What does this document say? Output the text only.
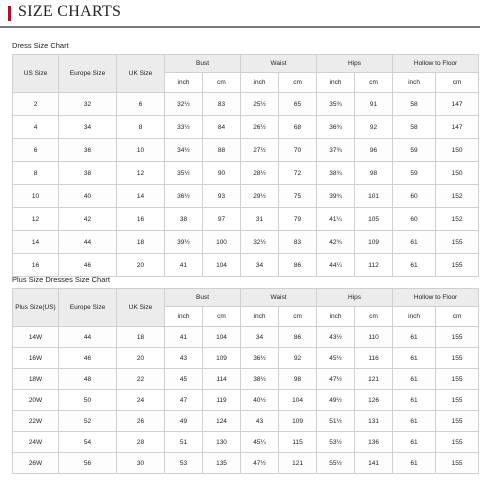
SIZE CHARTS
Dress Size Chart
US Size	Europe Size	UK Size	Bust		Waist		Hips		Hollow to Floor	
			inch	cm	inch	cm	inch	cm	inch	cm
2	32	6	32½	83	25½	65	35¾	91	58	147
4	34	8	33½	84	26½	68	36¾	92	58	147
6	36	10	34½	88	27½	70	37¾	96	59	150
8	38	12	35½	90	28½	72	38¾	98	59	150
10	40	14	36½	93	29½	75	39¾	101	60	152
12	42	16	38	97	31	79	41¼	105	60	152
14	44	18	39½	100	32½	83	42¾	109	61	155
16	46	20	41	104	34	86	44¼	112	61	155
Plus Size Dresses Size Chart
Plus Size(US)	Europe Size	UK Size	Bust		Waist		Hips		Hollow to Floor	
			inch	cm	inch	cm	inch	cm	inch	cm
14W	44	18	41	104	34	86	43½	110	61	155
16W	46	20	43	109	36½	92	45½	116	61	155
18W	48	22	45	114	38½	98	47½	121	61	155
20W	50	24	47	119	40½	104	49½	126	61	155
22W	52	26	49	124	43	109	51½	131	61	155
24W	54	28	51	130	45¼	115	53½	136	61	155
26W	56	30	53	135	47½	121	55½	141	61	155
